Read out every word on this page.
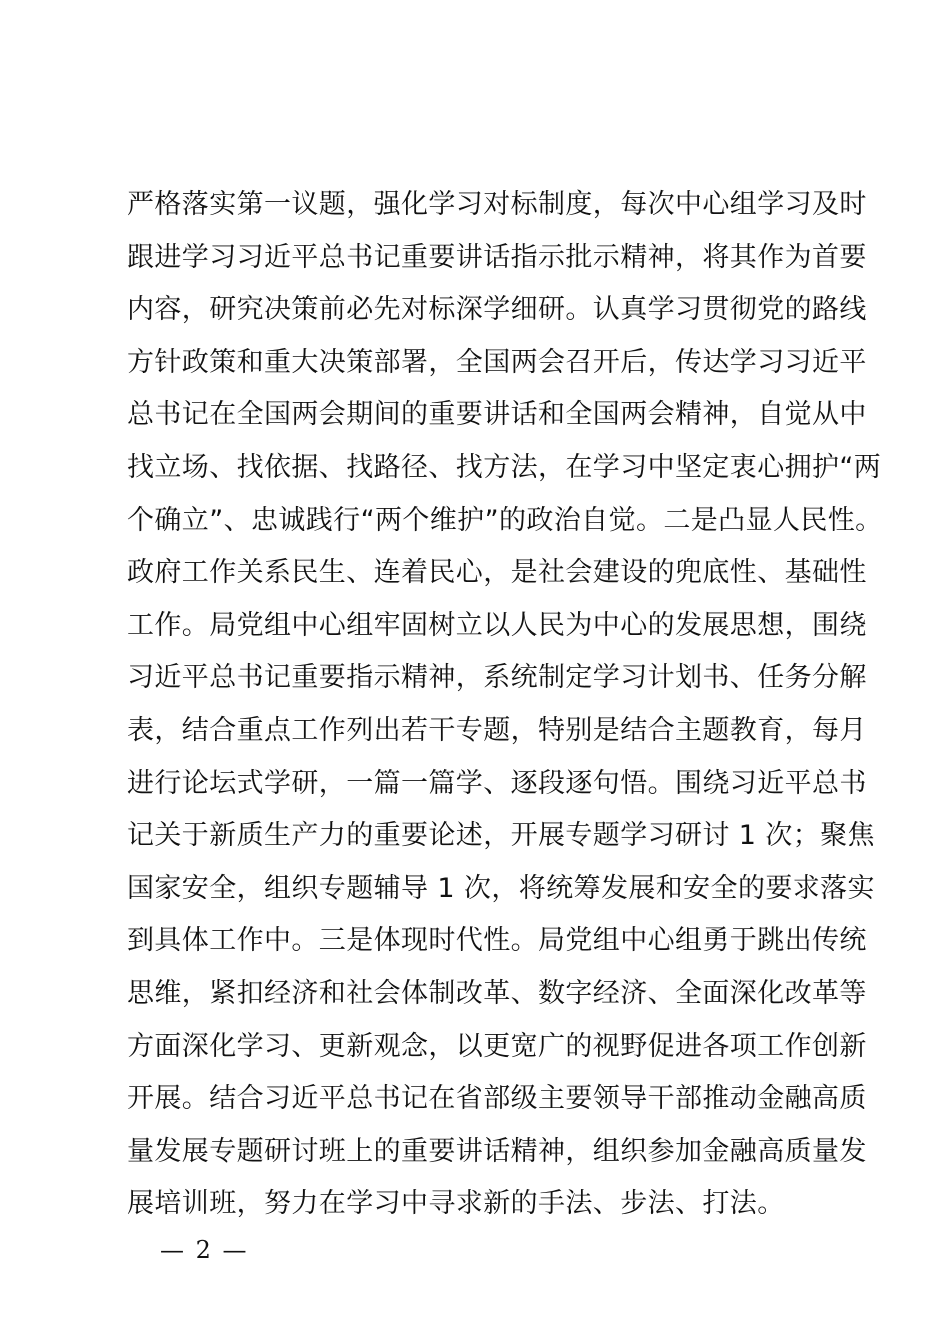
严格落实第一议题，强化学习对标制度，每次中心组学习及时
跟进学习习近平总书记重要讲话指示批示精神，将其作为首要
内容，研究决策前必先对标深学细研。认真学习贯彻党的路线
方针政策和重大决策部署，全国两会召开后，传达学习习近平
总书记在全国两会期间的重要讲话和全国两会精神，自觉从中
找立场、找依据、找路径、找方法，在学习中坚定衷心拥护“两
个确立”、忠诚践行“两个维护”的政治自觉。二是凸显人民性。
政府工作关系民生、连着民心，是社会建设的兜底性、基础性
工作。局党组中心组牢固树立以人民为中心的发展思想，围绕
习近平总书记重要指示精神，系统制定学习计划书、任务分解
表，结合重点工作列出若干专题，特别是结合主题教育，每月
进行论坛式学研，一篇一篇学、逐段逐句悟。围绕习近平总书
记关于新质生产力的重要论述，开展专题学习研讨 1 次；聚焦
国家安全，组织专题辅导 1 次，将统筹发展和安全的要求落实
到具体工作中。三是体现时代性。局党组中心组勇于跳出传统
思维，紧扣经济和社会体制改革、数字经济、全面深化改革等
方面深化学习、更新观念，以更宽广的视野促进各项工作创新
开展。结合习近平总书记在省部级主要领导干部推动金融高质
量发展专题研讨班上的重要讲话精神，组织参加金融高质量发
展培训班，努力在学习中寻求新的手法、步法、打法。
— 2 —
